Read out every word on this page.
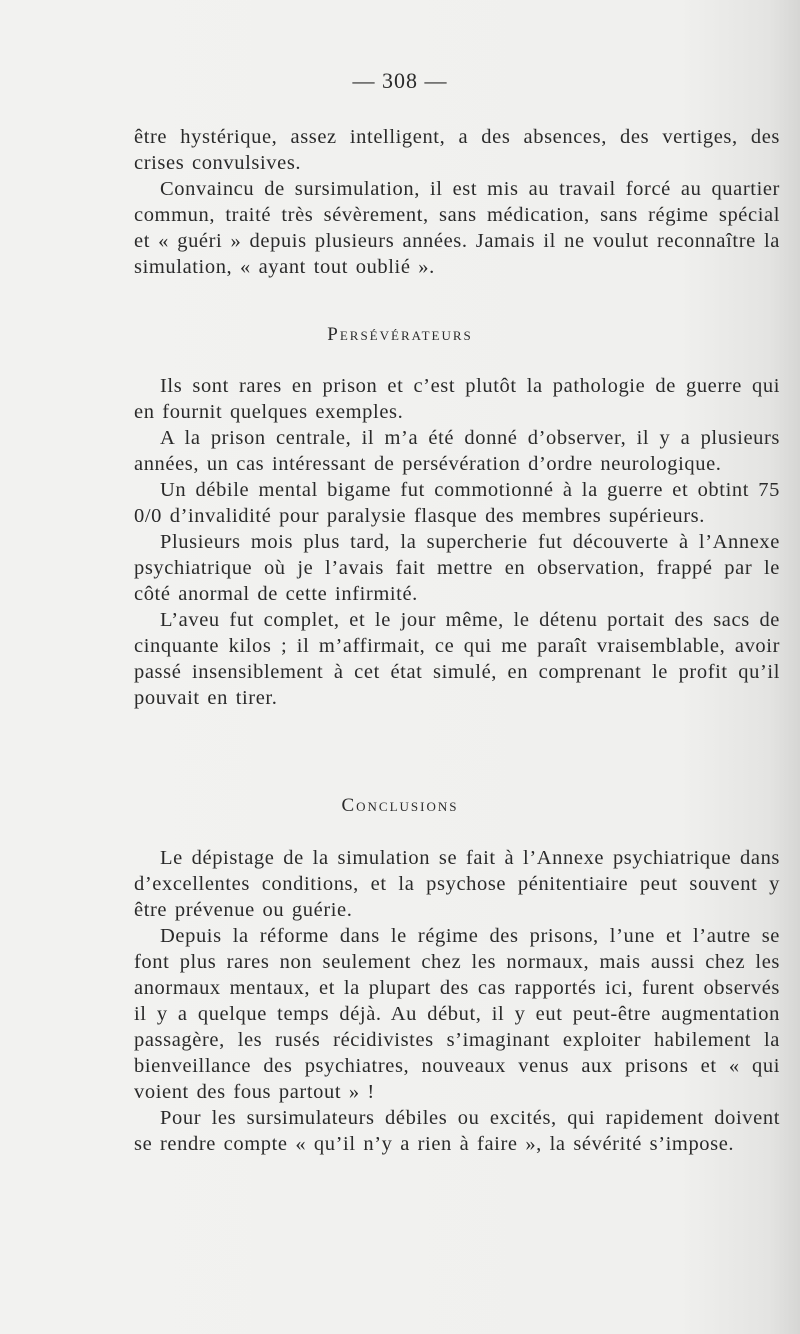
— 308 —

être hystérique, assez intelligent, a des absences, des vertiges, des crises convulsives.

Convaincu de sursimulation, il est mis au travail forcé au quartier commun, traité très sévèrement, sans médication, sans régime spécial et « guéri » depuis plusieurs années. Jamais il ne voulut reconnaître la simulation, « ayant tout oublié ».

Persévérateurs

Ils sont rares en prison et c’est plutôt la pathologie de guerre qui en fournit quelques exemples.

A la prison centrale, il m’a été donné d’observer, il y a plusieurs années, un cas intéressant de persévération d’ordre neurologique.

Un débile mental bigame fut commotionné à la guerre et obtint 75 0/0 d’invalidité pour paralysie flasque des membres supérieurs.

Plusieurs mois plus tard, la supercherie fut découverte à l’Annexe psychiatrique où je l’avais fait mettre en observation, frappé par le côté anormal de cette infirmité.

L’aveu fut complet, et le jour même, le détenu portait des sacs de cinquante kilos ; il m’affirmait, ce qui me paraît vraisemblable, avoir passé insensiblement à cet état simulé, en comprenant le profit qu’il pouvait en tirer.

Conclusions

Le dépistage de la simulation se fait à l’Annexe psychiatrique dans d’excellentes conditions, et la psychose pénitentiaire peut souvent y être prévenue ou guérie.

Depuis la réforme dans le régime des prisons, l’une et l’autre se font plus rares non seulement chez les normaux, mais aussi chez les anormaux mentaux, et la plupart des cas rapportés ici, furent observés il y a quelque temps déjà. Au début, il y eut peut-être augmentation passagère, les rusés récidivistes s’imaginant exploiter habilement la bienveillance des psychiatres, nouveaux venus aux prisons et « qui voient des fous partout » !

Pour les sursimulateurs débiles ou excités, qui rapidement doivent se rendre compte « qu’il n’y a rien à faire », la sévérité s’impose.
